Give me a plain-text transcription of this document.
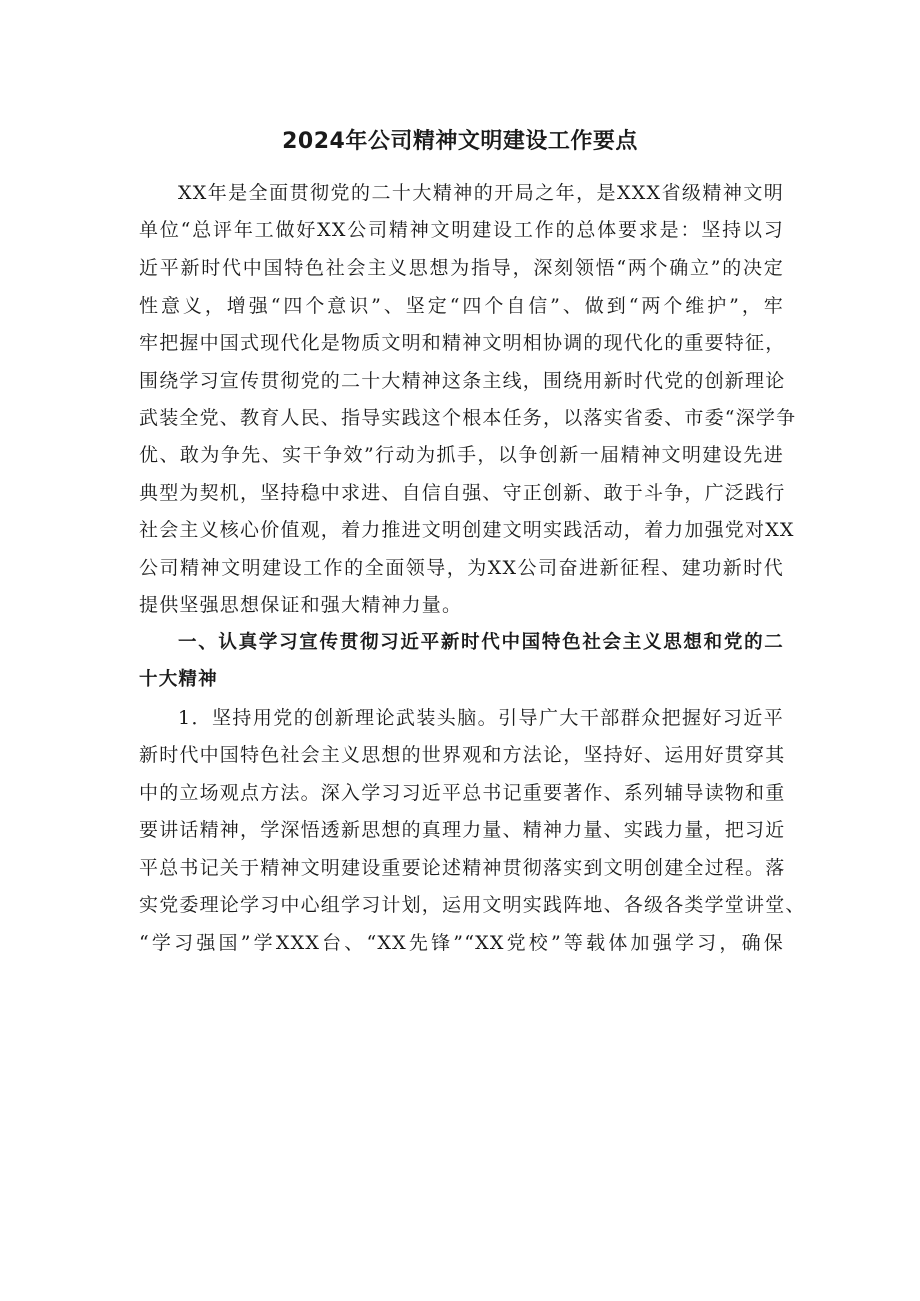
2024年公司精神文明建设工作要点
XX年是全面贯彻党的二十大精神的开局之年，是XXX省级精神文明
单位“总评年工做好XX公司精神文明建设工作的总体要求是：坚持以习
近平新时代中国特色社会主义思想为指导，深刻领悟“两个确立”的决定
性意义，增强“四个意识”、坚定“四个自信”、做到“两个维护”，牢
牢把握中国式现代化是物质文明和精神文明相协调的现代化的重要特征，
围绕学习宣传贯彻党的二十大精神这条主线，围绕用新时代党的创新理论
武装全党、教育人民、指导实践这个根本任务，以落实省委、市委“深学争
优、敢为争先、实干争效”行动为抓手，以争创新一届精神文明建设先进
典型为契机，坚持稳中求进、自信自强、守正创新、敢于斗争，广泛践行
社会主义核心价值观，着力推进文明创建文明实践活动，着力加强党对XX
公司精神文明建设工作的全面领导，为XX公司奋进新征程、建功新时代
提供坚强思想保证和强大精神力量。
一、认真学习宣传贯彻习近平新时代中国特色社会主义思想和党的二
十大精神
1．坚持用党的创新理论武装头脑。引导广大干部群众把握好习近平
新时代中国特色社会主义思想的世界观和方法论，坚持好、运用好贯穿其
中的立场观点方法。深入学习习近平总书记重要著作、系列辅导读物和重
要讲话精神，学深悟透新思想的真理力量、精神力量、实践力量，把习近
平总书记关于精神文明建设重要论述精神贯彻落实到文明创建全过程。落
实党委理论学习中心组学习计划，运用文明实践阵地、各级各类学堂讲堂、
“学习强国”学XXX台、“XX先锋”“XX党校”等载体加强学习，确保
